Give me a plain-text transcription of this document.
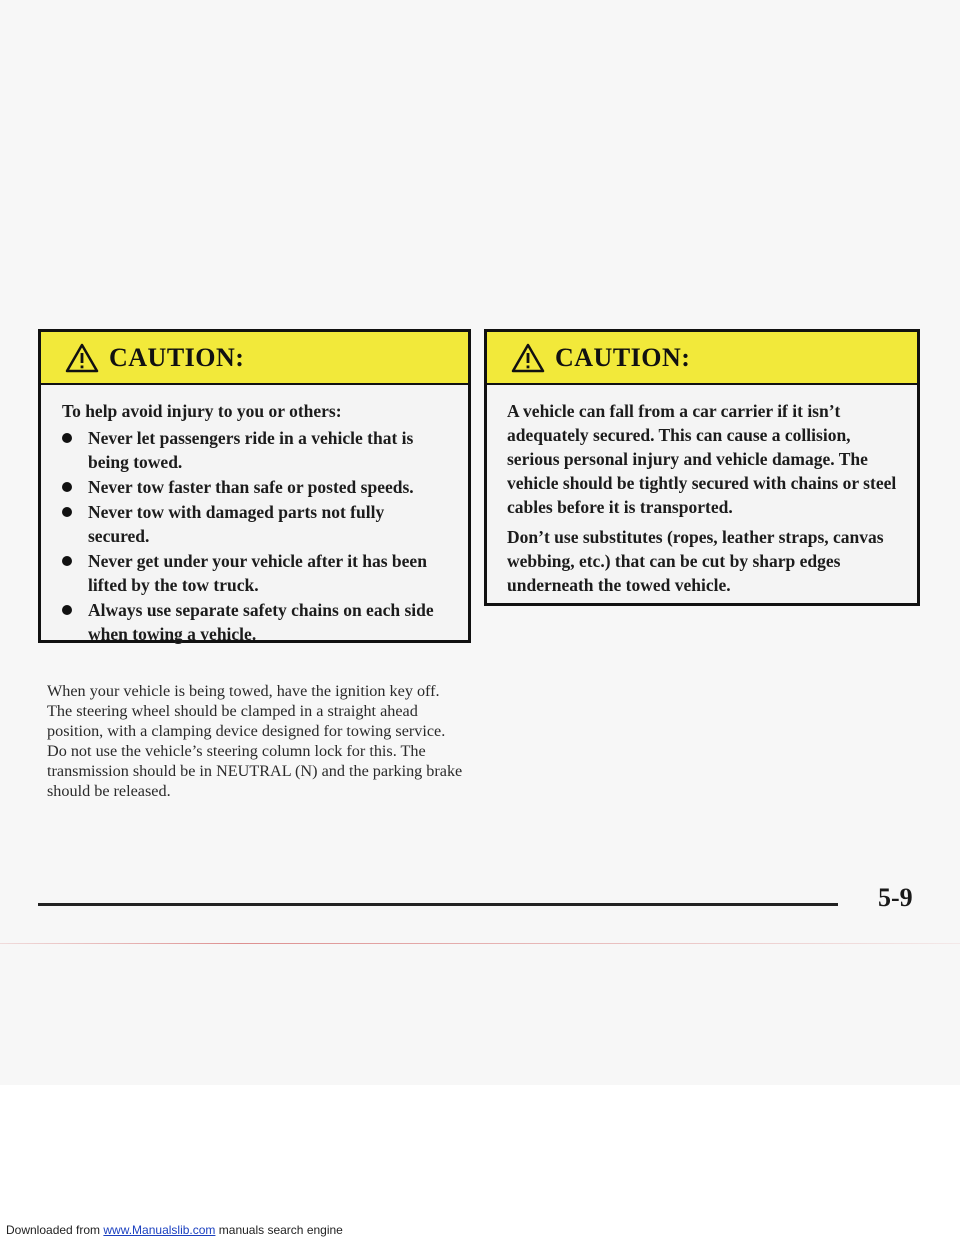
CAUTION:

To help avoid injury to you or others:

Never let passengers ride in a vehicle that is being towed.
Never tow faster than safe or posted speeds.
Never tow with damaged parts not fully secured.
Never get under your vehicle after it has been lifted by the tow truck.
Always use separate safety chains on each side when towing a vehicle.
CAUTION:

A vehicle can fall from a car carrier if it isn’t adequately secured. This can cause a collision, serious personal injury and vehicle damage. The vehicle should be tightly secured with chains or steel cables before it is transported.

Don’t use substitutes (ropes, leather straps, canvas webbing, etc.) that can be cut by sharp edges underneath the towed vehicle.

When your vehicle is being towed, have the ignition key off. The steering wheel should be clamped in a straight ahead position, with a clamping device designed for towing service. Do not use the vehicle’s steering column lock for this. The transmission should be in NEUTRAL (N) and the parking brake should be released.

5-9
Downloaded from www.Manualslib.com manuals search engine
